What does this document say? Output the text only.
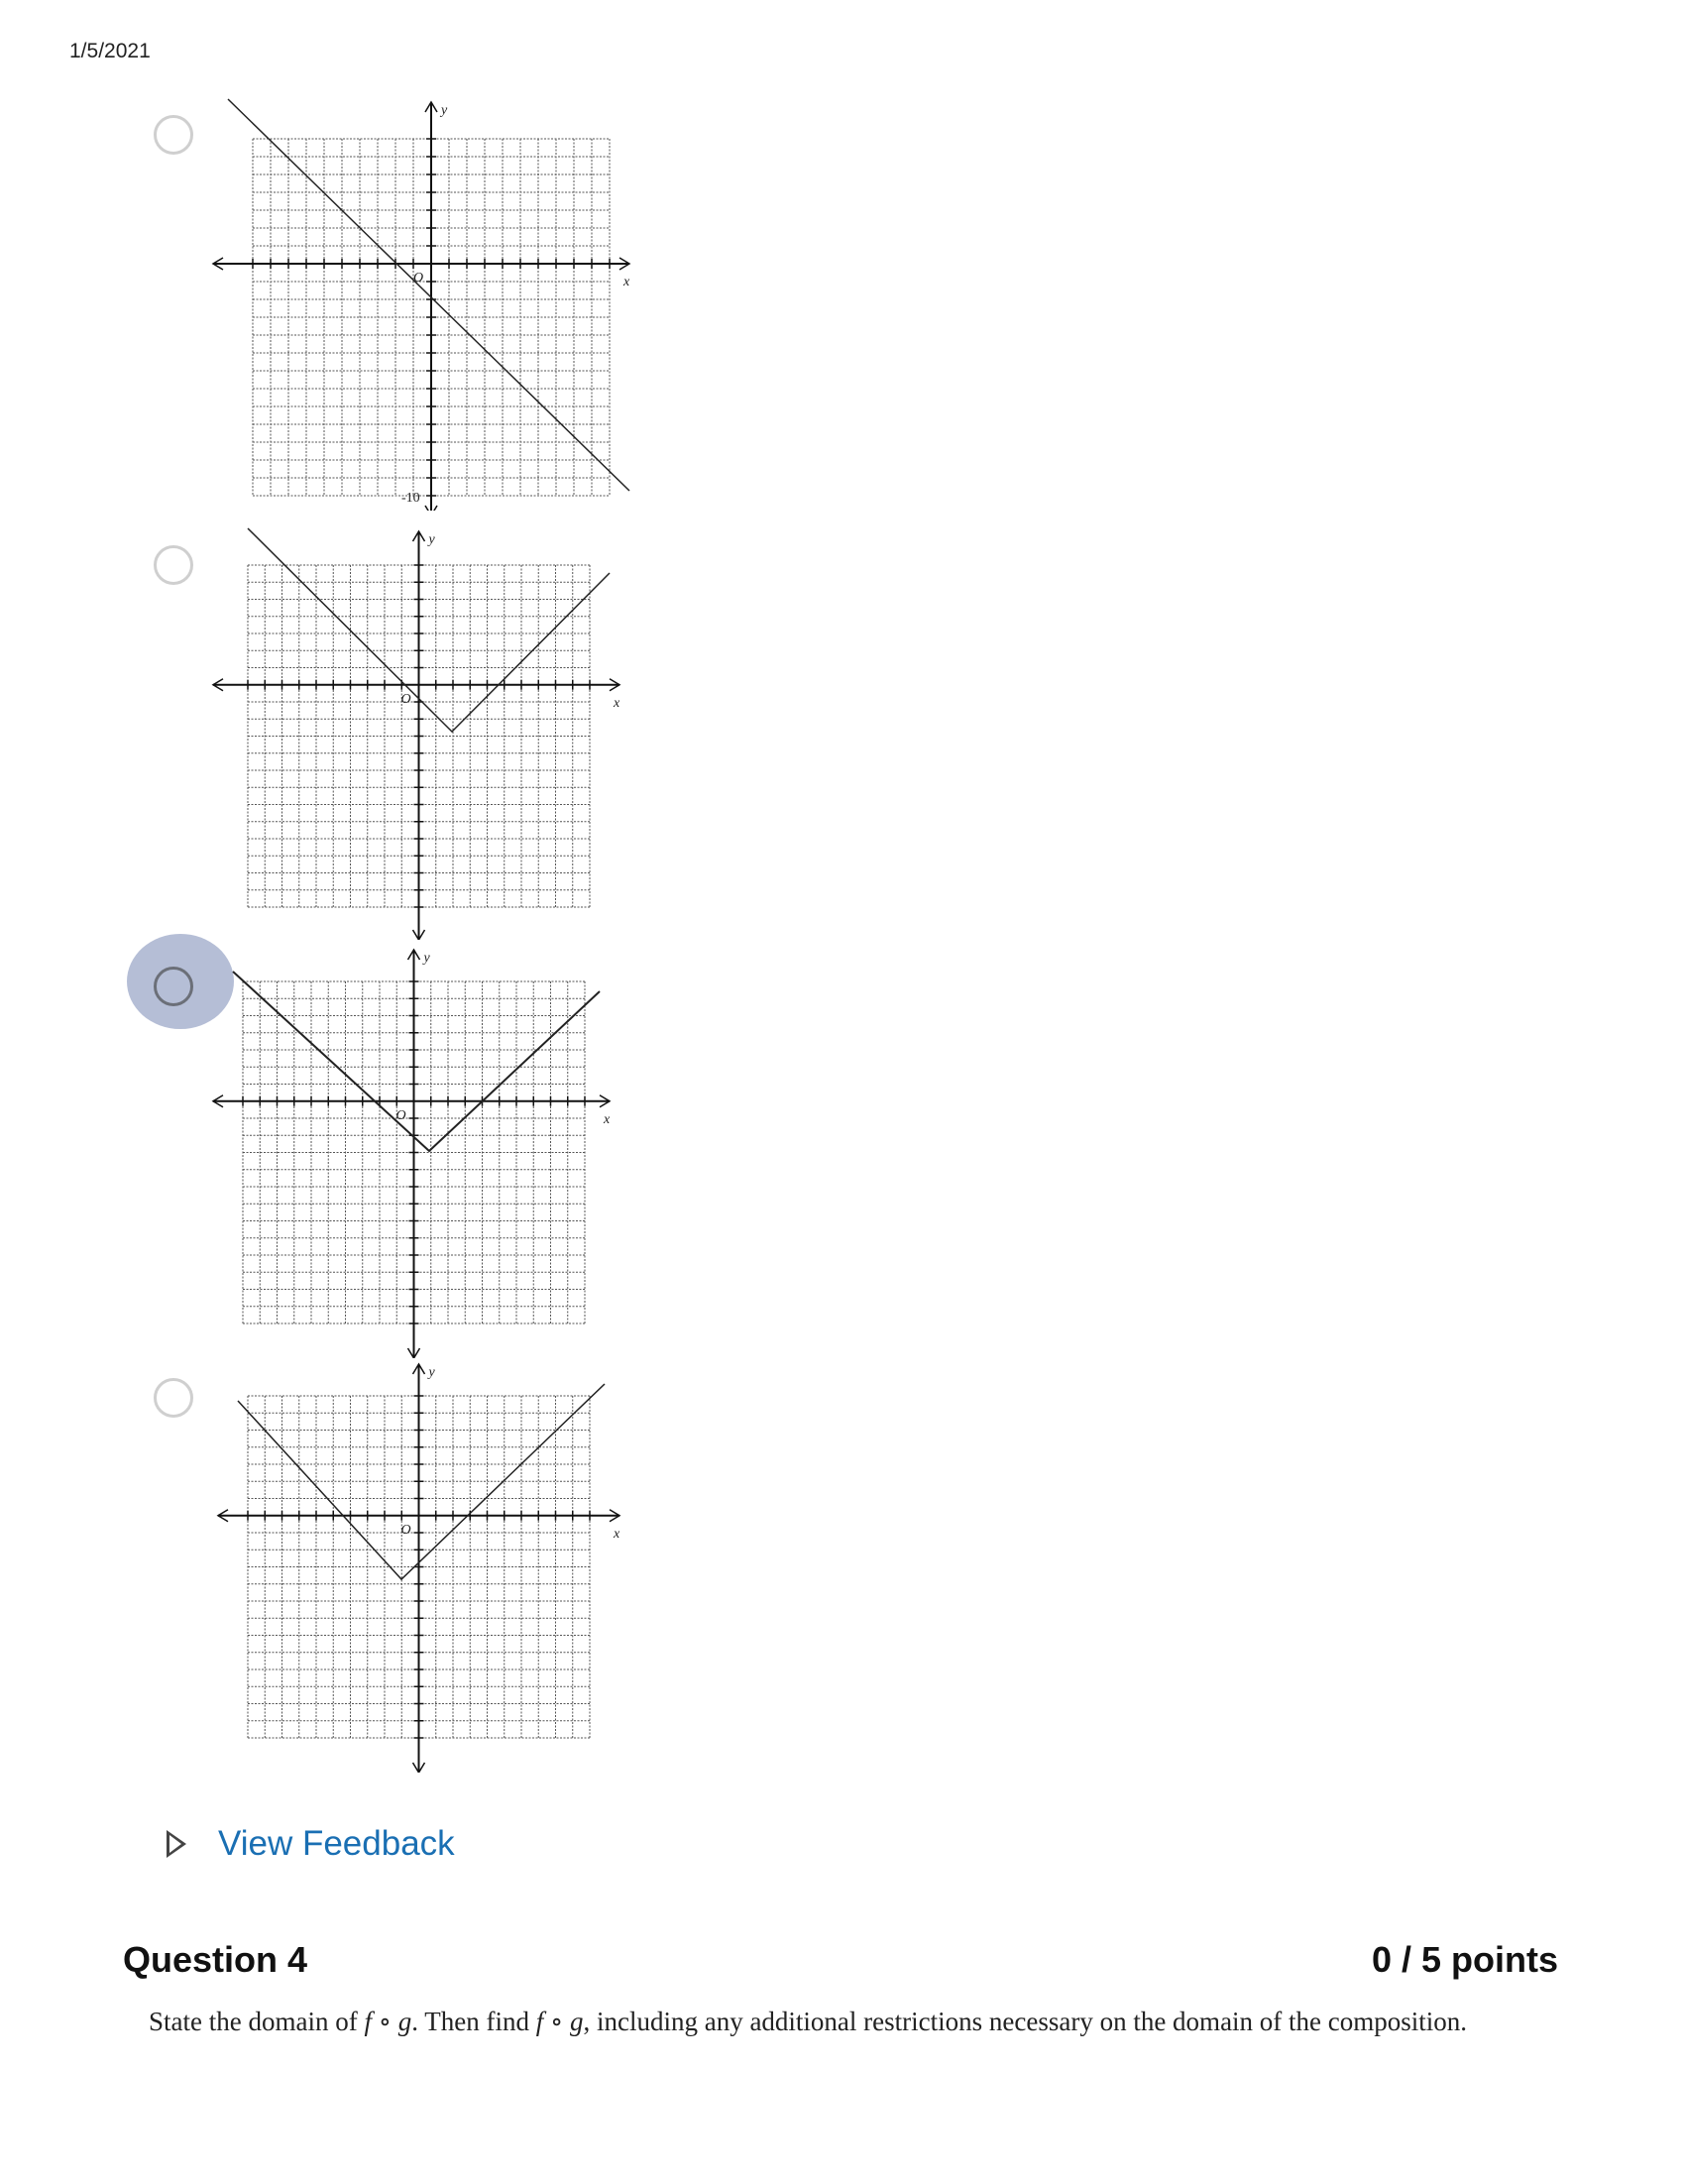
1/5/2021
x
y
O
-10
x
y
O
x
y
O
x
y
O
View Feedback
Question 4	0 / 5 points
State the domain of f ∘ g. Then find f ∘ g, including any additional restrictions necessary on the domain of the composition.
